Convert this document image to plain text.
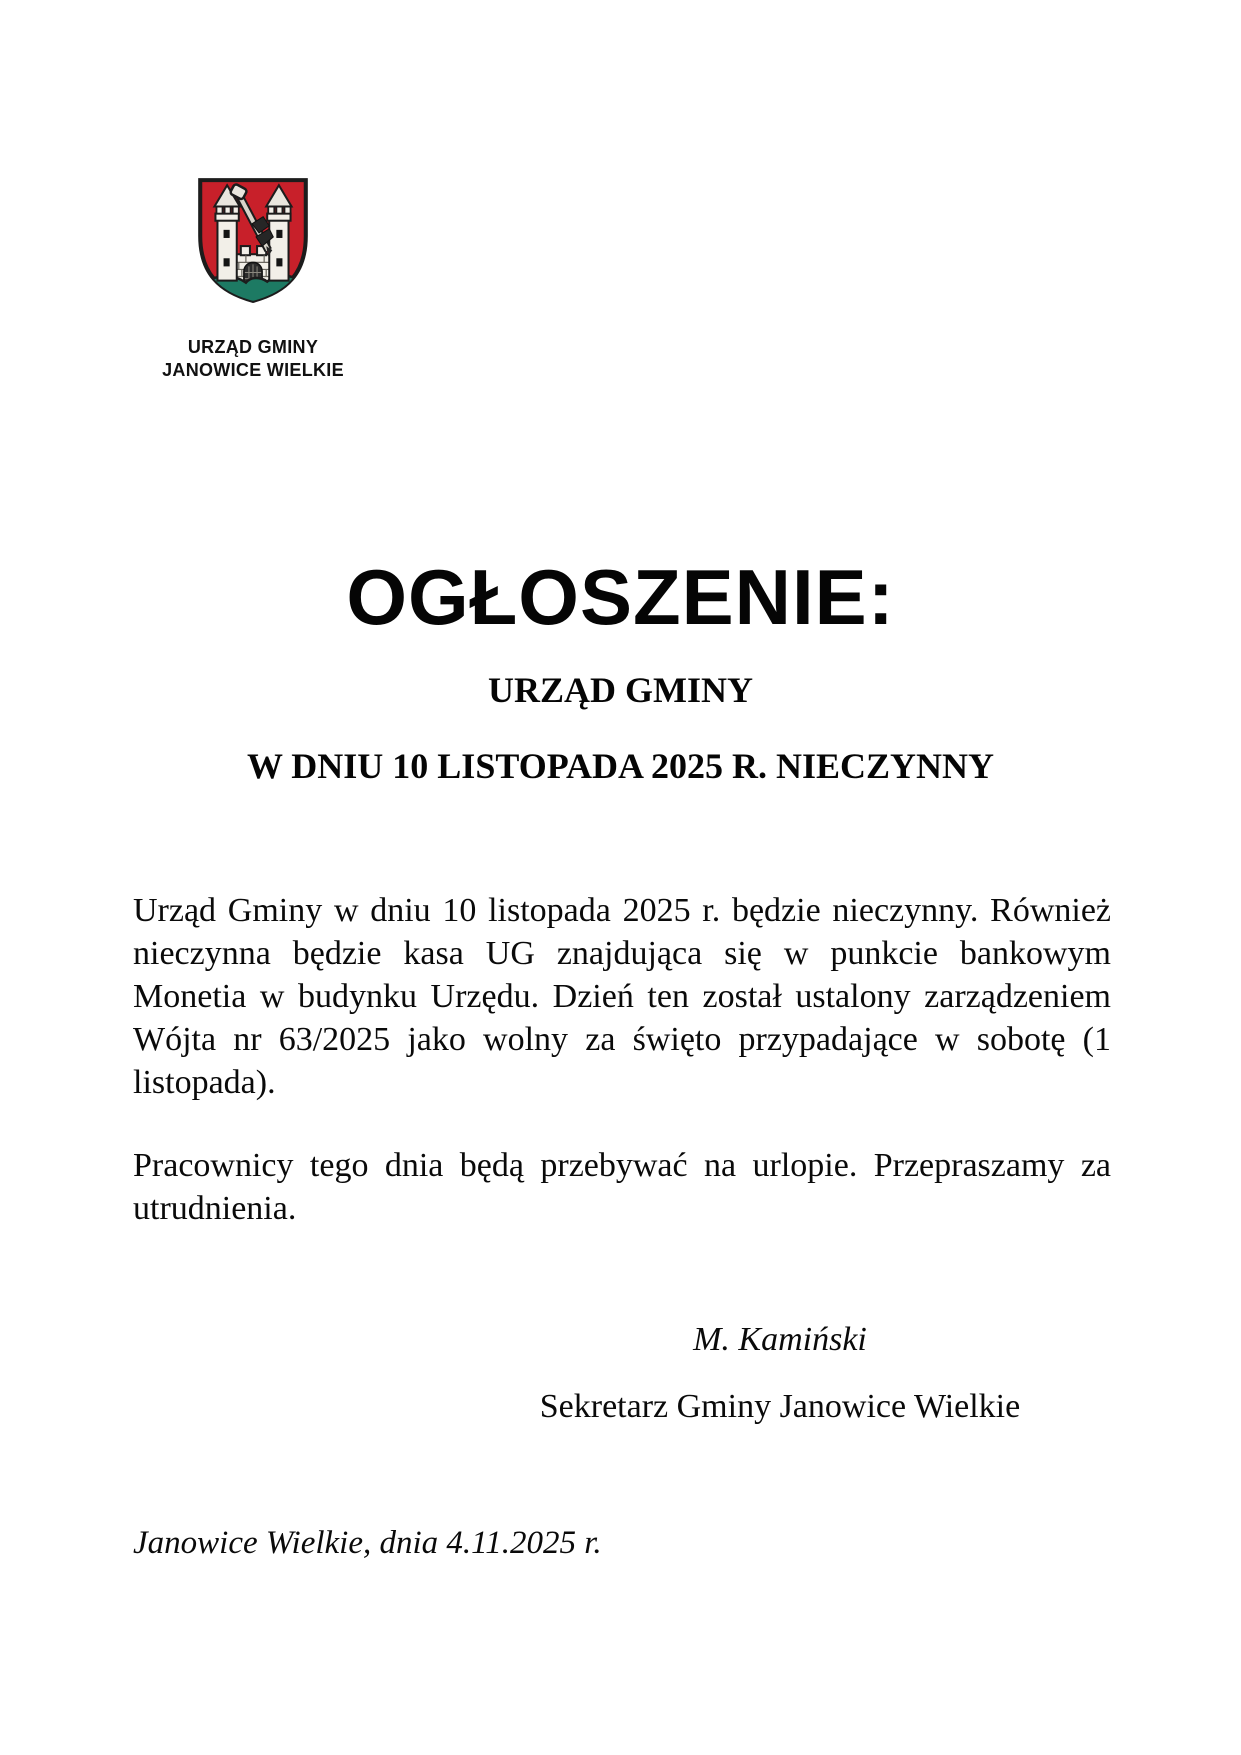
URZĄD GMINY
JANOWICE WIELKIE
OGŁOSZENIE:
URZĄD GMINY
W DNIU 10 LISTOPADA 2025 R. NIECZYNNY

Urząd Gminy w dniu 10 listopada 2025 r. będzie nieczynny. Również nieczynna będzie kasa UG znajdująca się w punkcie bankowym Monetia w budynku Urzędu. Dzień ten został ustalony zarządzeniem Wójta nr 63/2025 jako wolny za święto przypadające w sobotę (1 listopada).

Pracownicy tego dnia będą przebywać na urlopie. Przepraszamy za utrudnienia.

M. Kamiński

Sekretarz Gminy Janowice Wielkie

Janowice Wielkie, dnia 4.11.2025 r.
